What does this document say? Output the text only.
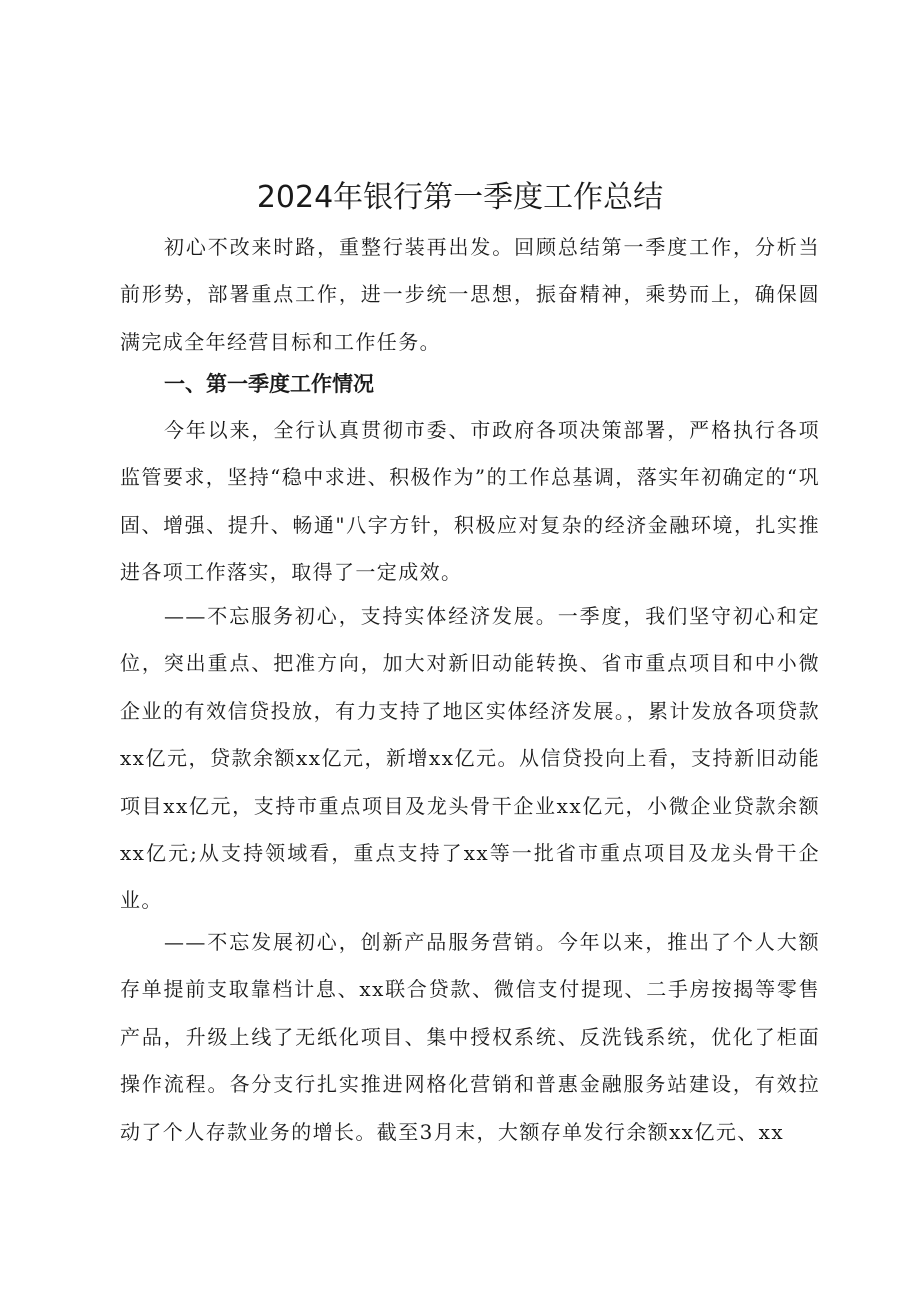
2024年银行第一季度工作总结

初心不改来时路，重整行装再出发。回顾总结第一季度工作，分析当前形势，部署重点工作，进一步统一思想，振奋精神，乘势而上，确保圆满完成全年经营目标和工作任务。

一、第一季度工作情况

今年以来，全行认真贯彻市委、市政府各项决策部署，严格执行各项监管要求，坚持“稳中求进、积极作为”的工作总基调，落实年初确定的“巩固、增强、提升、畅通"八字方针，积极应对复杂的经济金融环境，扎实推进各项工作落实，取得了一定成效。

——不忘服务初心，支持实体经济发展。一季度，我们坚守初心和定位，突出重点、把准方向，加大对新旧动能转换、省市重点项目和中小微企业的有效信贷投放，有力支持了地区实体经济发展。，累计发放各项贷款xx亿元，贷款余额xx亿元，新增xx亿元。从信贷投向上看，支持新旧动能项目xx亿元，支持市重点项目及龙头骨干企业xx亿元，小微企业贷款余额xx亿元;从支持领域看，重点支持了xx等一批省市重点项目及龙头骨干企业。

——不忘发展初心，创新产品服务营销。今年以来，推出了个人大额存单提前支取靠档计息、xx联合贷款、微信支付提现、二手房按揭等零售产品，升级上线了无纸化项目、集中授权系统、反洗钱系统，优化了柜面操作流程。各分支行扎实推进网格化营销和普惠金融服务站建设，有效拉动了个人存款业务的增长。截至3月末，大额存单发行余额xx亿元、xx
